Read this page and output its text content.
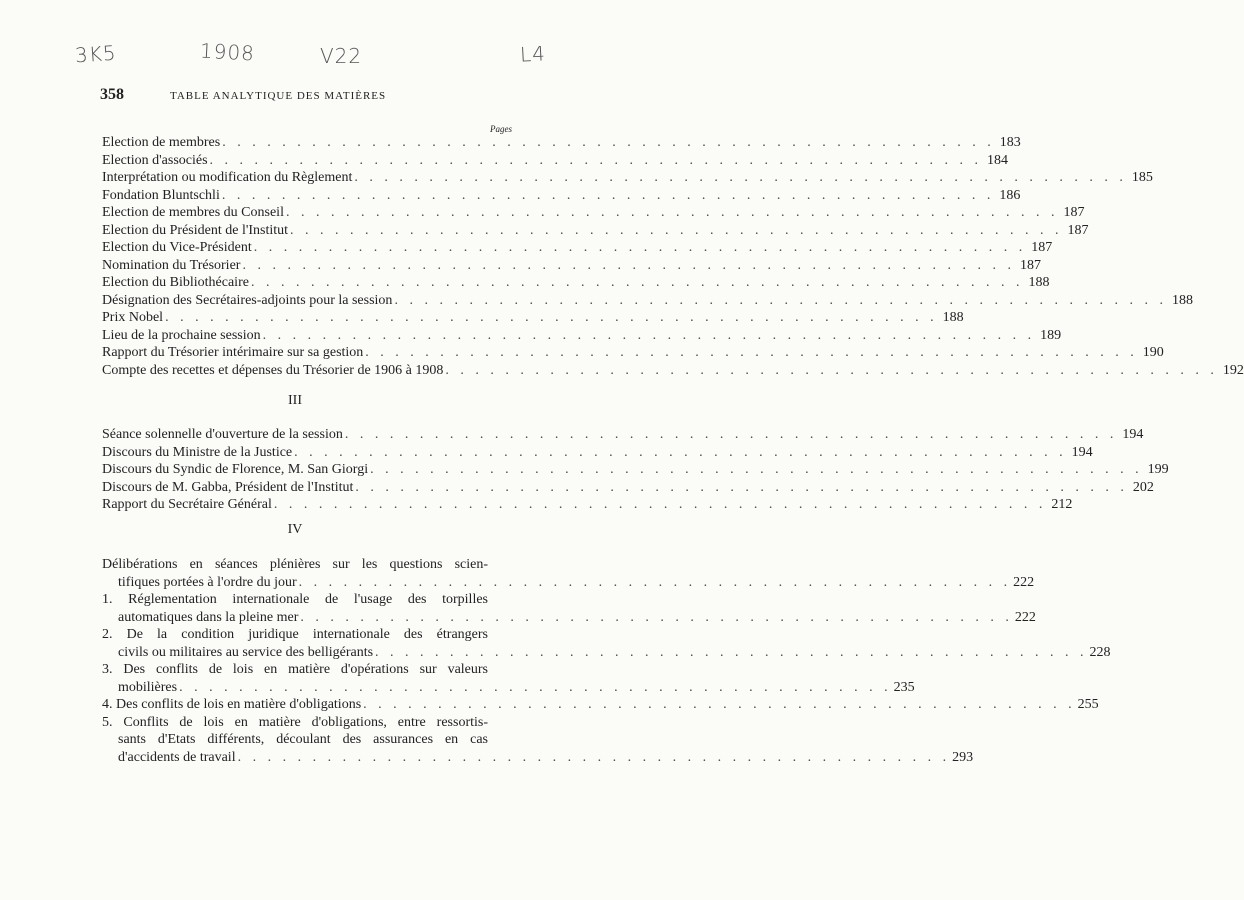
3K5	1908	V22	L4
358	TABLE ANALYTIQUE DES MATIÈRES
Pages
Election de membres . . .	183
Election d'associés . . .	184
Interprétation ou modification du Règlement . . .	185
Fondation Bluntschli . . .	186
Election de membres du Conseil . . .	187
Election du Président de l'Institut . . .	187
Election du Vice-Président . . .	187
Nomination du Trésorier . . .	187
Election du Bibliothécaire . . .	188
Désignation des Secrétaires-adjoints pour la session . . .	188
Prix Nobel . . .	188
Lieu de la prochaine session . . .	189
Rapport du Trésorier intérimaire sur sa gestion . . .	190
Compte des recettes et dépenses du Trésorier de 1906 à 1908 . . .	192
III
Séance solennelle d'ouverture de la session . . .	194
Discours du Ministre de la Justice . . .	194
Discours du Syndic de Florence, M. San Giorgi . . .	199
Discours de M. Gabba, Président de l'Institut . . .	202
Rapport du Secrétaire Général . . .	212
IV
Délibérations en séances plénières sur les questions scien-
tifiques portées à l'ordre du jour . . .	222
1. Réglementation internationale de l'usage des torpilles
automatiques dans la pleine mer . . .	222
2. De la condition juridique internationale des étrangers
civils ou militaires au service des belligérants . . .	228
3. Des conflits de lois en matière d'opérations sur valeurs
mobilières . . .	235
4. Des conflits de lois en matière d'obligations . . .	255
5. Conflits de lois en matière d'obligations, entre ressortis-
sants d'Etats différents, découlant des assurances en cas
d'accidents de travail . . .	293
